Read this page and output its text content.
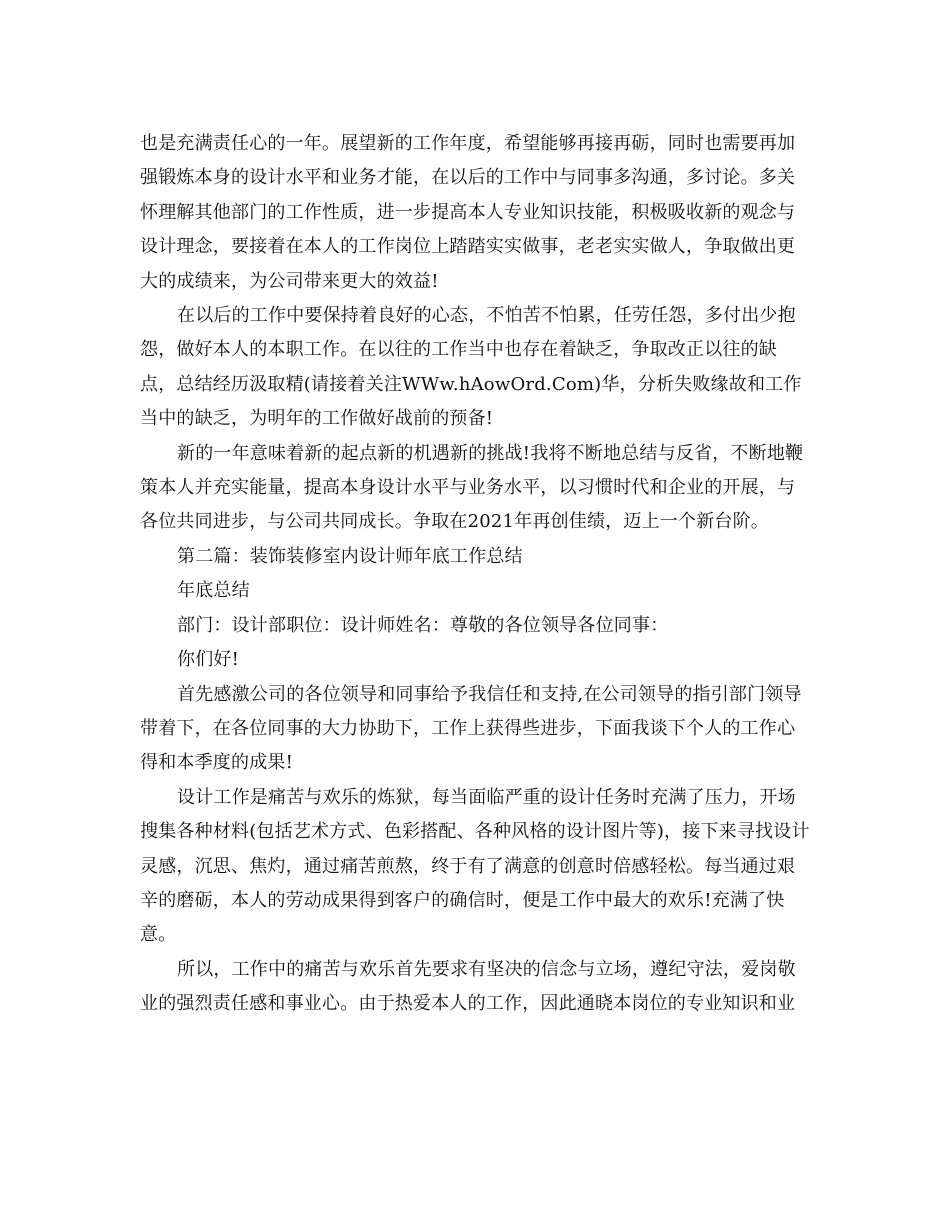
也是充满责任心的一年。展望新的工作年度，希望能够再接再砺，同时也需要再加强锻炼本身的设计水平和业务才能，在以后的工作中与同事多沟通，多讨论。多关怀理解其他部门的工作性质，进一步提高本人专业知识技能，积极吸收新的观念与设计理念，要接着在本人的工作岗位上踏踏实实做事，老老实实做人，争取做出更大的成绩来，为公司带来更大的效益!

在以后的工作中要保持着良好的心态，不怕苦不怕累，任劳任怨，多付出少抱怨，做好本人的本职工作。在以往的工作当中也存在着缺乏，争取改正以往的缺点，总结经历汲取精(请接着关注WWw.hAowOrd.Com)华，分析失败缘故和工作当中的缺乏，为明年的工作做好战前的预备!

新的一年意味着新的起点新的机遇新的挑战!我将不断地总结与反省，不断地鞭策本人并充实能量，提高本身设计水平与业务水平，以习惯时代和企业的开展，与各位共同进步，与公司共同成长。争取在2021年再创佳绩，迈上一个新台阶。

第二篇：装饰装修室内设计师年底工作总结

年底总结

部门：设计部职位：设计师姓名：尊敬的各位领导各位同事：

你们好!

首先感激公司的各位领导和同事给予我信任和支持,在公司领导的指引部门领导带着下，在各位同事的大力协助下，工作上获得些进步，下面我谈下个人的工作心得和本季度的成果!

设计工作是痛苦与欢乐的炼狱，每当面临严重的设计任务时充满了压力，开场搜集各种材料(包括艺术方式、色彩搭配、各种风格的设计图片等)，接下来寻找设计灵感，沉思、焦灼，通过痛苦煎熬，终于有了满意的创意时倍感轻松。每当通过艰辛的磨砺，本人的劳动成果得到客户的确信时，便是工作中最大的欢乐!充满了快意。

所以，工作中的痛苦与欢乐首先要求有坚决的信念与立场，遵纪守法，爱岗敬业的强烈责任感和事业心。由于热爱本人的工作，因此通晓本岗位的专业知识和业
